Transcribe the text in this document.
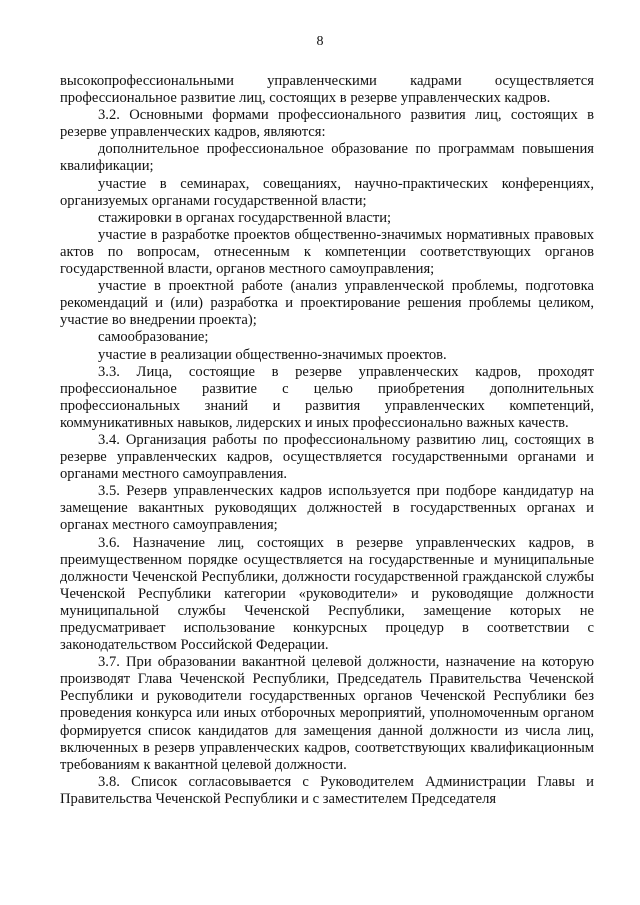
8

высокопрофессиональными управленческими кадрами осуществляется профессиональное развитие лиц, состоящих в резерве управленческих кадров.

3.2. Основными формами профессионального развития лиц, состоящих в резерве управленческих кадров, являются:

дополнительное профессиональное образование по программам повышения квалификации;

участие в семинарах, совещаниях, научно-практических конференциях, организуемых органами государственной власти;

стажировки в органах государственной власти;

участие в разработке проектов общественно-значимых нормативных правовых актов по вопросам, отнесенным к компетенции соответствующих органов государственной власти, органов местного самоуправления;

участие в проектной работе (анализ управленческой проблемы, подготовка рекомендаций и (или) разработка и проектирование решения проблемы целиком, участие во внедрении проекта);

самообразование;

участие в реализации общественно-значимых проектов.

3.3. Лица, состоящие в резерве управленческих кадров, проходят профессиональное развитие с целью приобретения дополнительных профессиональных знаний и развития управленческих компетенций, коммуникативных навыков, лидерских и иных профессионально важных качеств.

3.4. Организация работы по профессиональному развитию лиц, состоящих в резерве управленческих кадров, осуществляется государственными органами и органами местного самоуправления.

3.5. Резерв управленческих кадров используется при подборе кандидатур на замещение вакантных руководящих должностей в государственных органах и органах местного самоуправления;

3.6. Назначение лиц, состоящих в резерве управленческих кадров, в преимущественном порядке осуществляется на государственные и муниципальные должности Чеченской Республики, должности государственной гражданской службы Чеченской Республики категории «руководители» и руководящие должности муниципальной службы Чеченской Республики, замещение которых не предусматривает использование конкурсных процедур в соответствии с законодательством Российской Федерации.

3.7. При образовании вакантной целевой должности, назначение на которую производят Глава Чеченской Республики, Председатель Правительства Чеченской Республики и руководители государственных органов Чеченской Республики без проведения конкурса или иных отборочных мероприятий, уполномоченным органом формируется список кандидатов для замещения данной должности из числа лиц, включенных в резерв управленческих кадров, соответствующих квалификационным требованиям к вакантной целевой должности.

3.8. Список согласовывается с Руководителем Администрации Главы и Правительства Чеченской Республики и с заместителем Председателя
